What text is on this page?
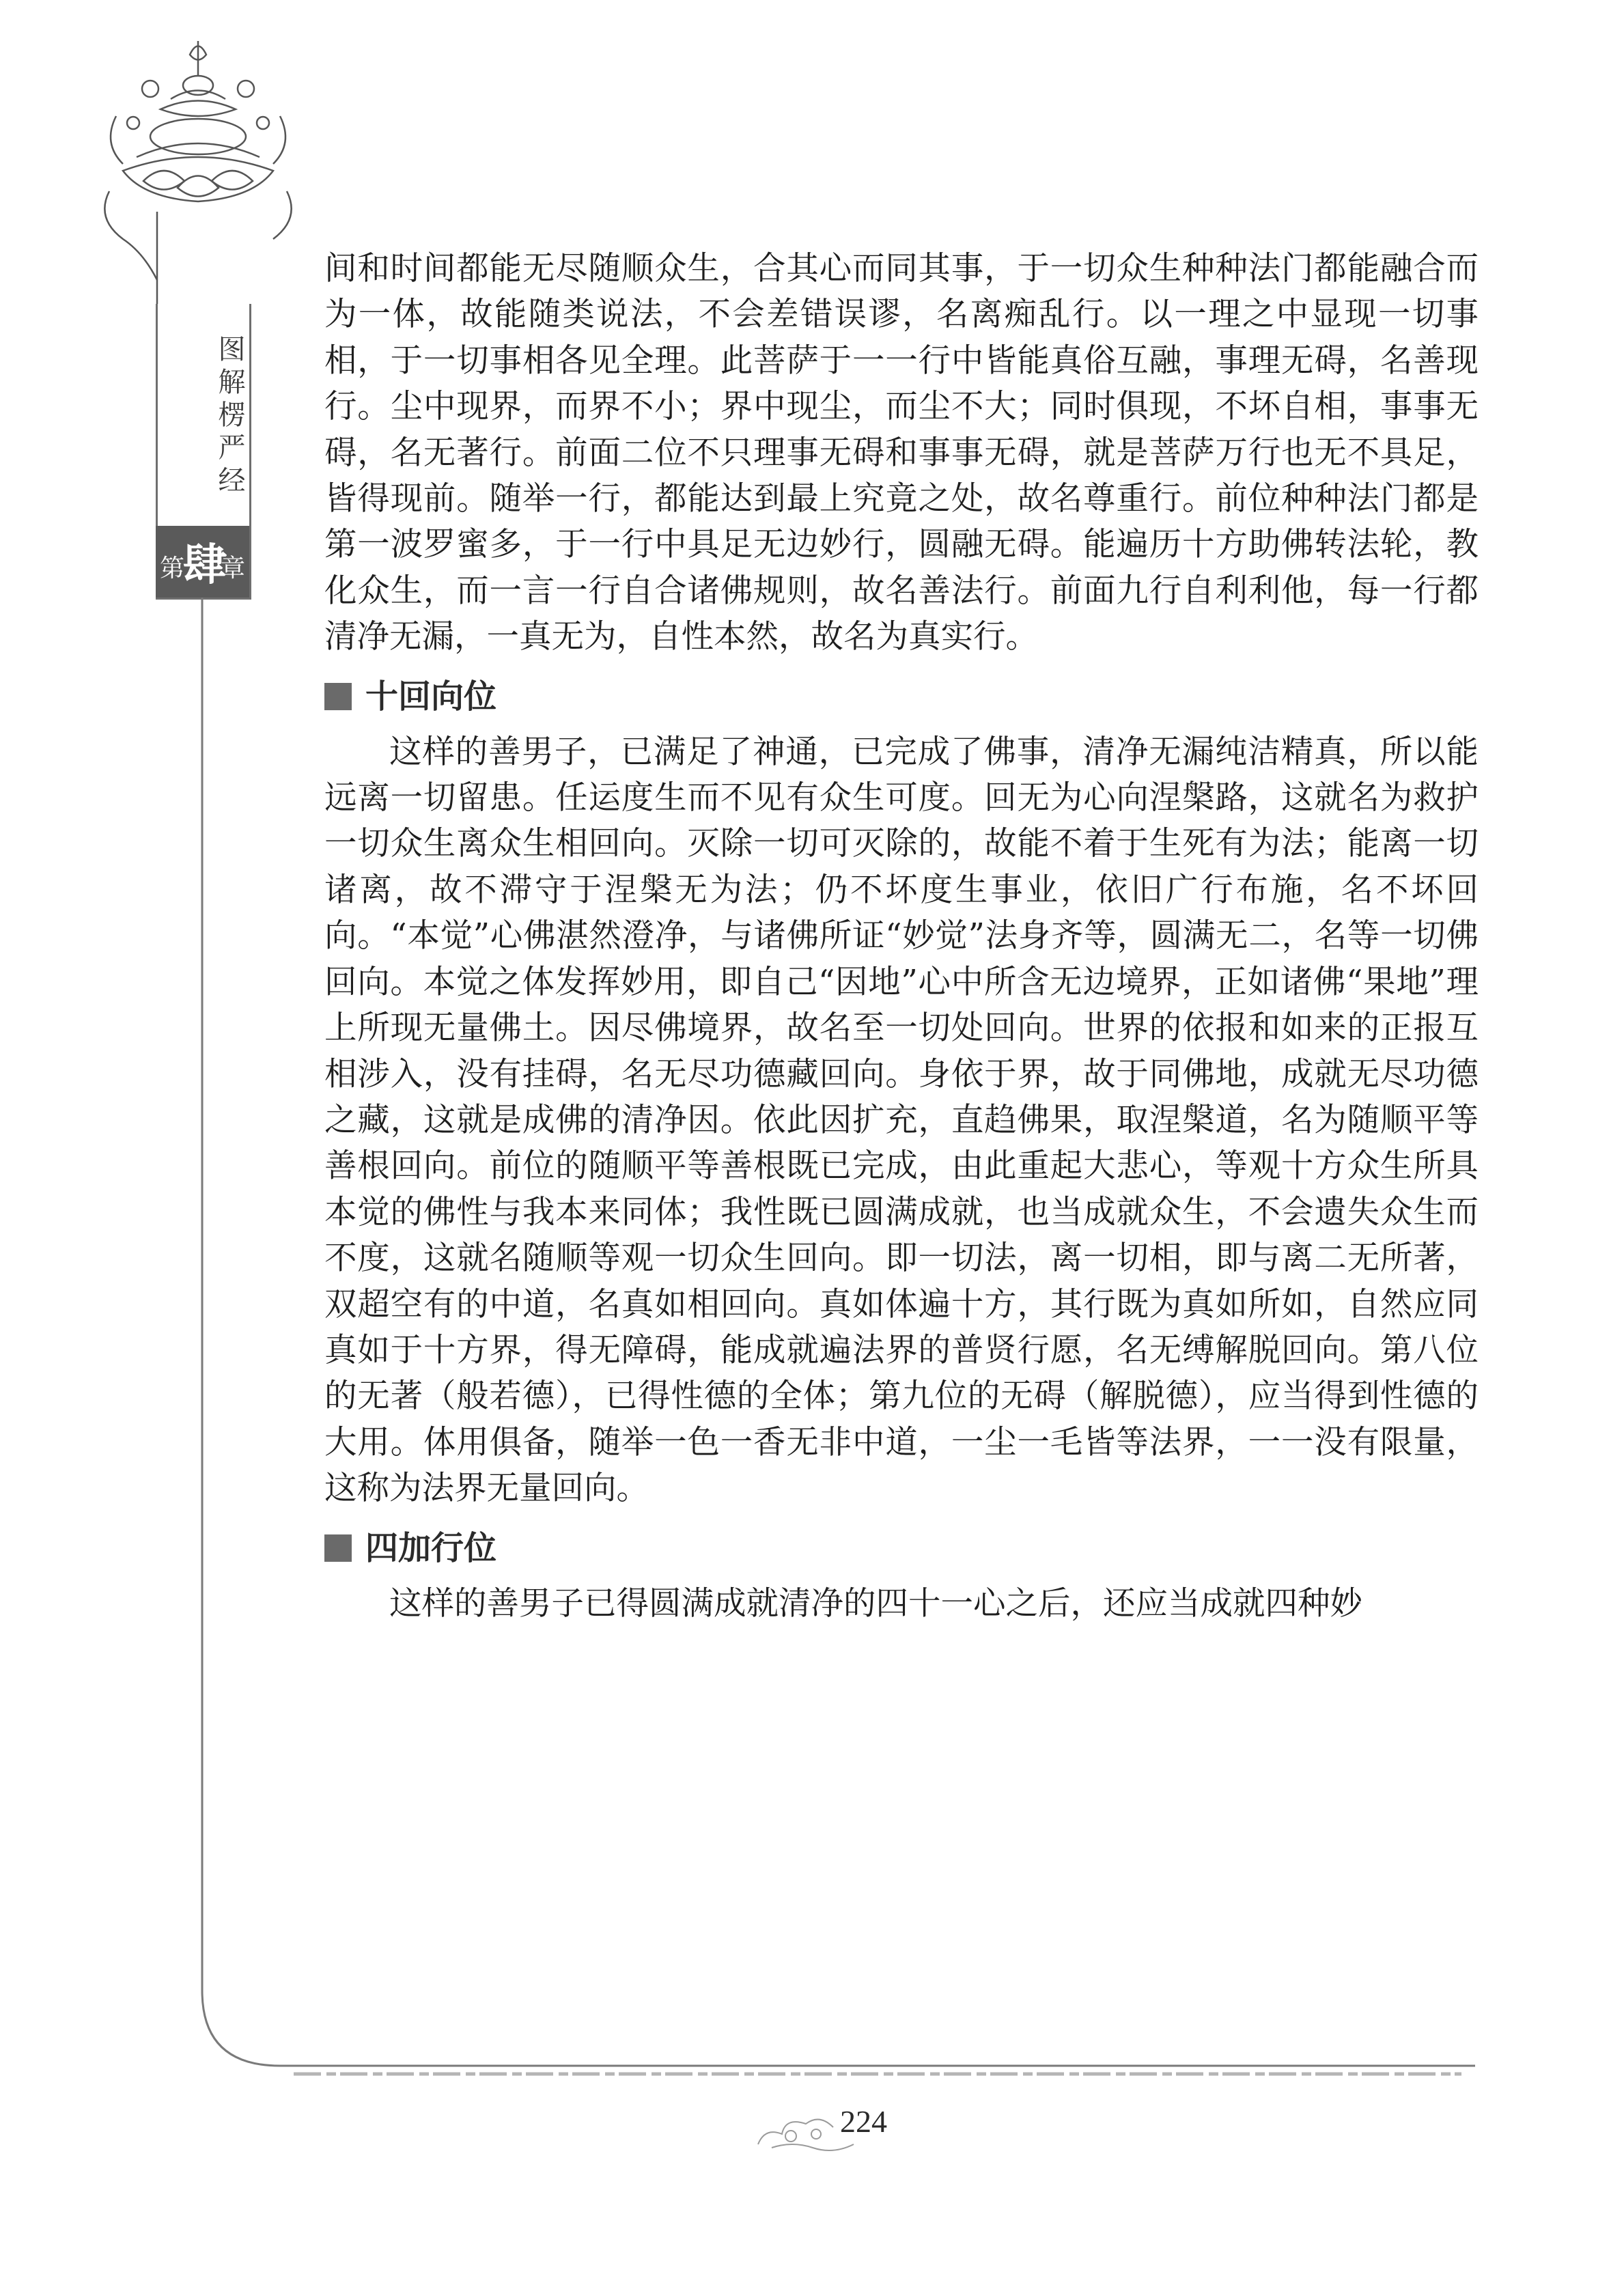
图解楞严经
第
肆
章

间和时间都能无尽随顺众生，合其心而同其事，于一切众生种种法门都能融合而为一体，故能随类说法，不会差错误谬，名离痴乱行。以一理之中显现一切事相，于一切事相各见全理。此菩萨于一一行中皆能真俗互融，事理无碍，名善现行。尘中现界，而界不小；界中现尘，而尘不大；同时俱现，不坏自相，事事无碍，名无著行。前面二位不只理事无碍和事事无碍，就是菩萨万行也无不具足，皆得现前。随举一行，都能达到最上究竟之处，故名尊重行。前位种种法门都是第一波罗蜜多，于一行中具足无边妙行，圆融无碍。能遍历十方助佛转法轮，教化众生，而一言一行自合诸佛规则，故名善法行。前面九行自利利他，每一行都清净无漏，一真无为，自性本然，故名为真实行。

十回向位

这样的善男子，已满足了神通，已完成了佛事，清净无漏纯洁精真，所以能远离一切留患。任运度生而不见有众生可度。回无为心向涅槃路，这就名为救护一切众生离众生相回向。灭除一切可灭除的，故能不着于生死有为法；能离一切诸离，故不滞守于涅槃无为法；仍不坏度生事业，依旧广行布施，名不坏回向。“本觉”心佛湛然澄净，与诸佛所证“妙觉”法身齐等，圆满无二，名等一切佛回向。本觉之体发挥妙用，即自己“因地”心中所含无边境界，正如诸佛“果地”理上所现无量佛土。因尽佛境界，故名至一切处回向。世界的依报和如来的正报互相涉入，没有挂碍，名无尽功德藏回向。身依于界，故于同佛地，成就无尽功德之藏，这就是成佛的清净因。依此因扩充，直趋佛果，取涅槃道，名为随顺平等善根回向。前位的随顺平等善根既已完成，由此重起大悲心，等观十方众生所具本觉的佛性与我本来同体；我性既已圆满成就，也当成就众生，不会遗失众生而不度，这就名随顺等观一切众生回向。即一切法，离一切相，即与离二无所著，双超空有的中道，名真如相回向。真如体遍十方，其行既为真如所如，自然应同真如于十方界，得无障碍，能成就遍法界的普贤行愿，名无缚解脱回向。第八位的无著（般若德），已得性德的全体；第九位的无碍（解脱德），应当得到性德的大用。体用俱备，随举一色一香无非中道，一尘一毛皆等法界，一一没有限量，这称为法界无量回向。

四加行位

这样的善男子已得圆满成就清净的四十一心之后，还应当成就四种妙

224
